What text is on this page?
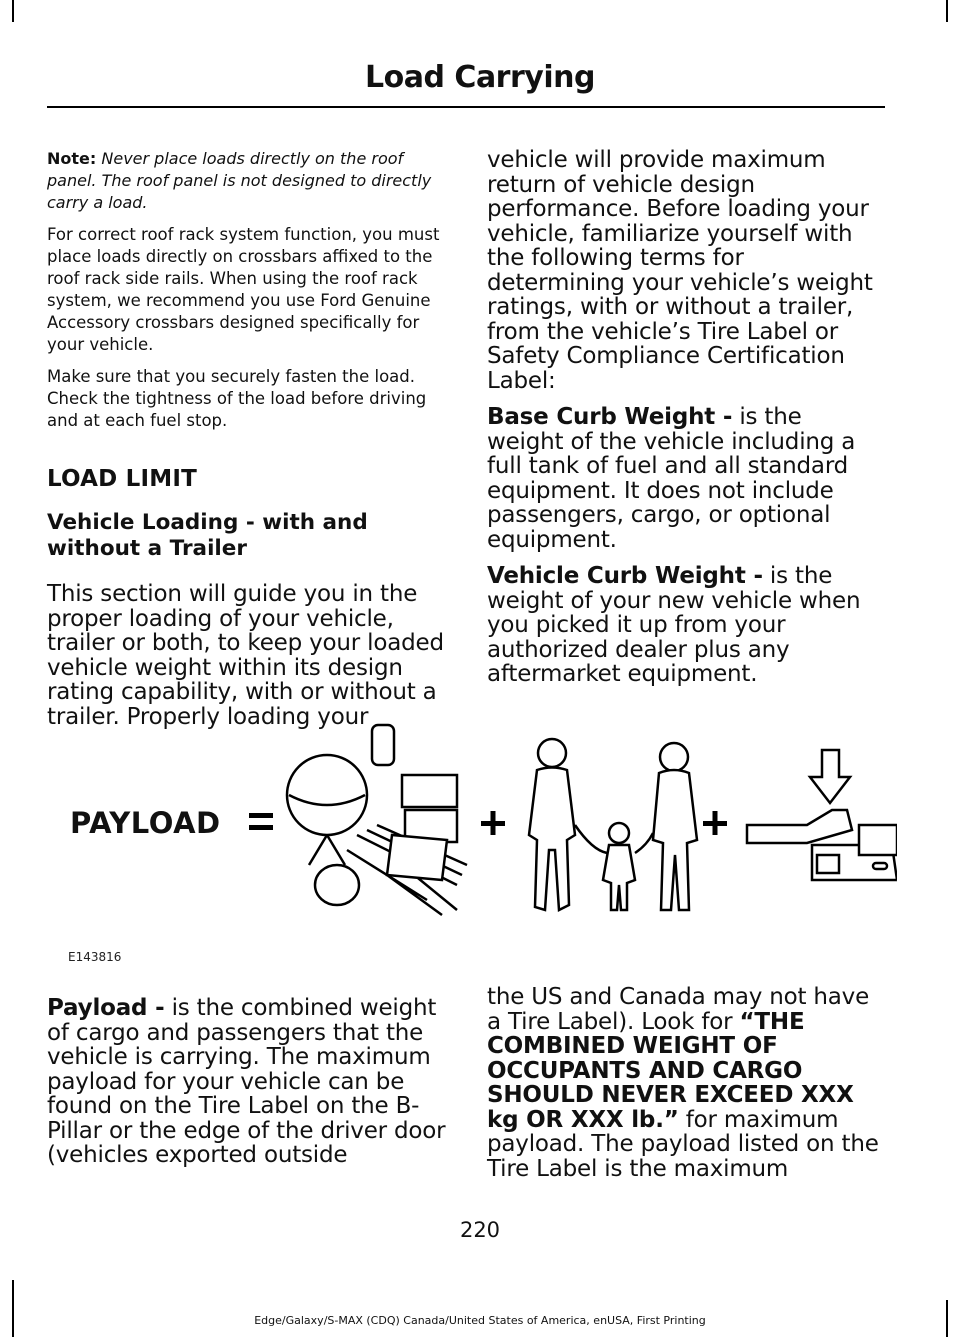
Load Carrying

Note: Never place loads directly on the roof panel. The roof panel is not designed to directly carry a load.

For correct roof rack system function, you must place loads directly on crossbars affixed to the roof rack side rails. When using the roof rack system, we recommend you use Ford Genuine Accessory crossbars designed specifically for your vehicle.

Make sure that you securely fasten the load. Check the tightness of the load before driving and at each fuel stop.

LOAD LIMIT
Vehicle Loading - with and without a Trailer

This section will guide you in the proper loading of your vehicle, trailer or both, to keep your loaded vehicle weight within its design rating capability, with or without a trailer. Properly loading your

vehicle will provide maximum return of vehicle design performance. Before loading your vehicle, familiarize yourself with the following terms for determining your vehicle’s weight ratings, with or without a trailer, from the vehicle’s Tire Label or Safety Compliance Certification Label:

Base Curb Weight - is the weight of the vehicle including a full tank of fuel and all standard equipment. It does not include passengers, cargo, or optional equipment.

Vehicle Curb Weight - is the weight of your new vehicle when you picked it up from your authorized dealer plus any aftermarket equipment.

PAYLOAD
E143816

Payload - is the combined weight of cargo and passengers that the vehicle is carrying. The maximum payload for your vehicle can be found on the Tire Label on the B-Pillar or the edge of the driver door (vehicles exported outside

the US and Canada may not have a Tire Label). Look for “THE COMBINED WEIGHT OF OCCUPANTS AND CARGO SHOULD NEVER EXCEED XXX kg OR XXX lb.” for maximum payload. The payload listed on the Tire Label is the maximum

220
Edge/Galaxy/S-MAX (CDQ) Canada/United States of America, enUSA, First Printing
